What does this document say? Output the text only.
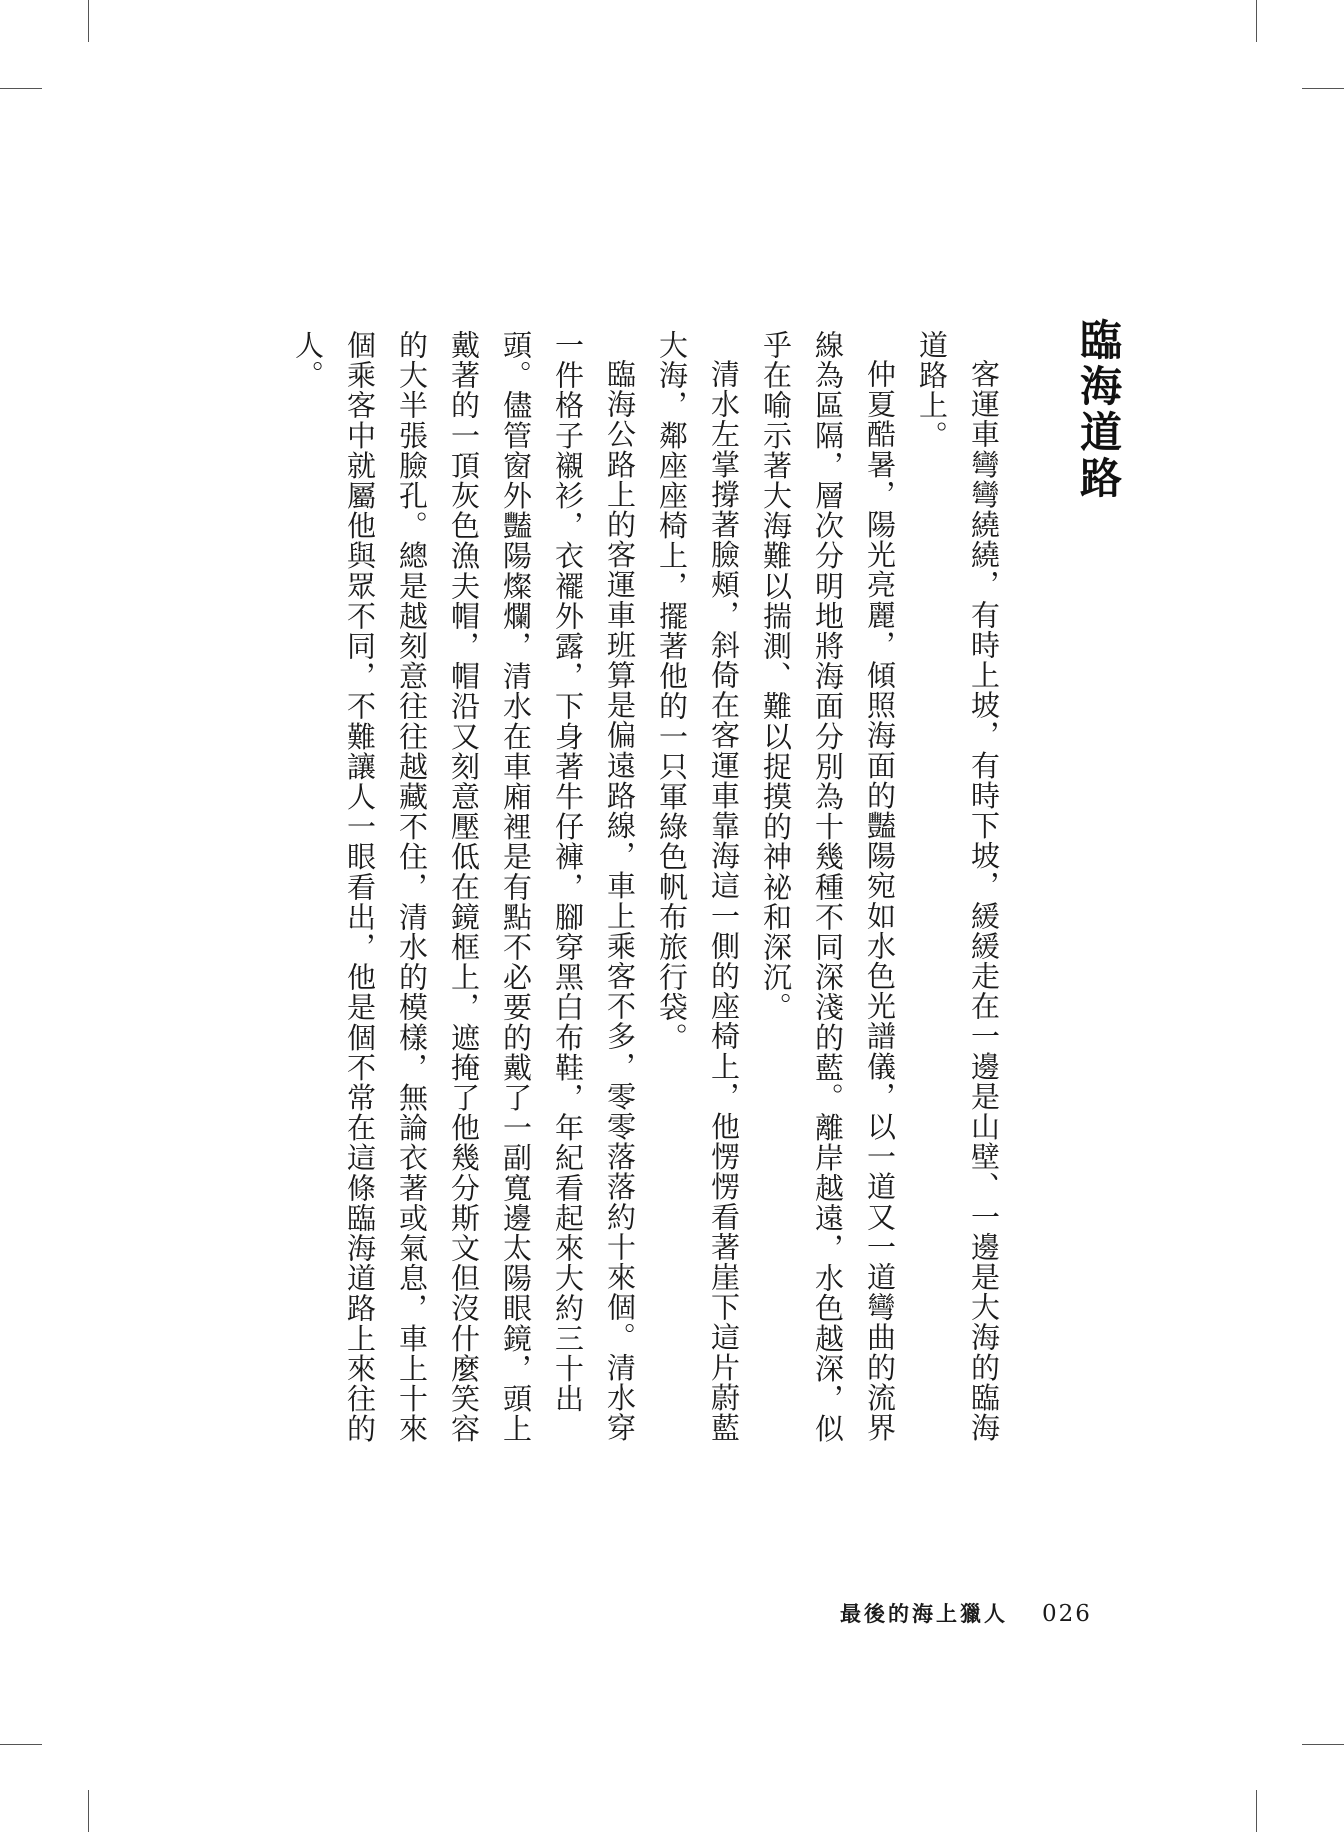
臨海道路

客運車彎彎繞繞，有時上坡，有時下坡，緩緩走在一邊是山壁、一邊是大海的臨海道路上。

仲夏酷暑，陽光亮麗，傾照海面的豔陽宛如水色光譜儀，以一道又一道彎曲的流界線為區隔，層次分明地將海面分別為十幾種不同深淺的藍。離岸越遠，水色越深，似乎在喻示著大海難以揣測、難以捉摸的神祕和深沉。

清水左掌撐著臉頰，斜倚在客運車靠海這一側的座椅上，他愣愣看著崖下這片蔚藍大海，鄰座座椅上，擺著他的一只軍綠色帆布旅行袋。

臨海公路上的客運車班算是偏遠路線，車上乘客不多，零零落落約十來個。清水穿一件格子襯衫，衣襬外露，下身著牛仔褲，腳穿黑白布鞋，年紀看起來大約三十出頭。儘管窗外豔陽燦爛，清水在車廂裡是有點不必要的戴了一副寬邊太陽眼鏡，頭上戴著的一頂灰色漁夫帽，帽沿又刻意壓低在鏡框上，遮掩了他幾分斯文但沒什麼笑容的大半張臉孔。總是越刻意往往越藏不住，清水的模樣，無論衣著或氣息，車上十來個乘客中就屬他與眾不同，不難讓人一眼看出，他是個不常在這條臨海道路上來往的人。

最後的海上獵人 026
